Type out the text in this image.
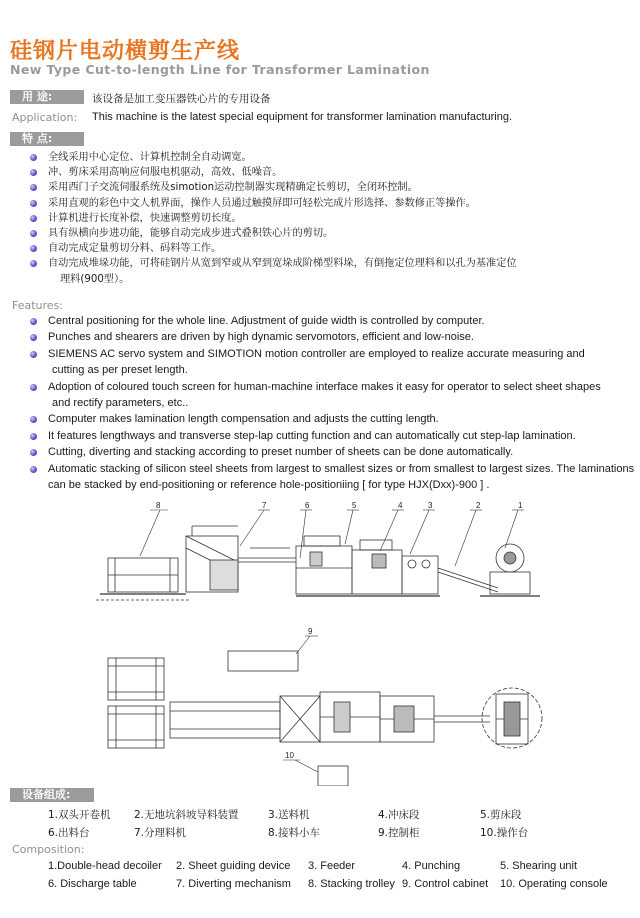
硅钢片电动横剪生产线
New Type Cut-to-length Line for Transformer Lamination
用 途:	该设备是加工变压器铁心片的专用设备
Application: This machine is the latest special equipment for transformer lamination manufacturing.
特 点:
全线采用中心定位、计算机控制全自动调宽。
冲、剪床采用高响应伺服电机驱动，高效、低噪音。
采用西门子交流伺服系统及simotion运动控制器实现精确定长剪切，全闭环控制。
采用直观的彩色中文人机界面，操作人员通过触摸屏即可轻松完成片形选择、参数修正等操作。
计算机进行长度补偿，快速调整剪切长度。
具有纵横向步进功能，能够自动完成步进式叠积铁心片的剪切。
自动完成定量剪切分料、码料等工作。
自动完成堆垛功能，可将硅钢片从宽到窄或从窄到宽垛成阶梯型料垛，有倒拖定位理料和以孔为基准定位
理料(900型）。
Features:
Central positioning for the whole line. Adjustment of guide width is controlled by computer.
Punches and shearers are driven by high dynamic servomotors, efficient and low-noise.
SIEMENS AC servo system and SIMOTION motion controller are employed to realize accurate measuring and
cutting as per preset length.
Adoption of coloured touch screen for human-machine interface makes it easy for operator to select sheet shapes
and rectify parameters, etc..
Computer makes lamination length compensation and adjusts the cutting length.
It features lengthways and transverse step-lap cutting function and can automatically cut step-lap lamination.
Cutting, diverting and stacking according to preset number of sheets can be done automatically.
Automatic stacking of silicon steel sheets from largest to smallest sizes or from smallest to largest sizes. The laminations
can be stacked by end-positioning or reference hole-positioniing [ for type HJX(Dxx)-900 ] .
8	7	6	5	4	3	2	1
9
10
设备组成:
1.双头开卷机 2.无地坑斜坡导料装置	3.送料机	4.冲床段	5.剪床段
6.出料台	7.分理料机	8.接料小车	9.控制柜	10.操作台
Composition:
1.Double-head decoiler 2. Sheet guiding device 3. Feeder	4. Punching	5. Shearing unit
6. Discharge table	7. Diverting mechanism 8. Stacking trolley 9. Control cabinet 10. Operating console
